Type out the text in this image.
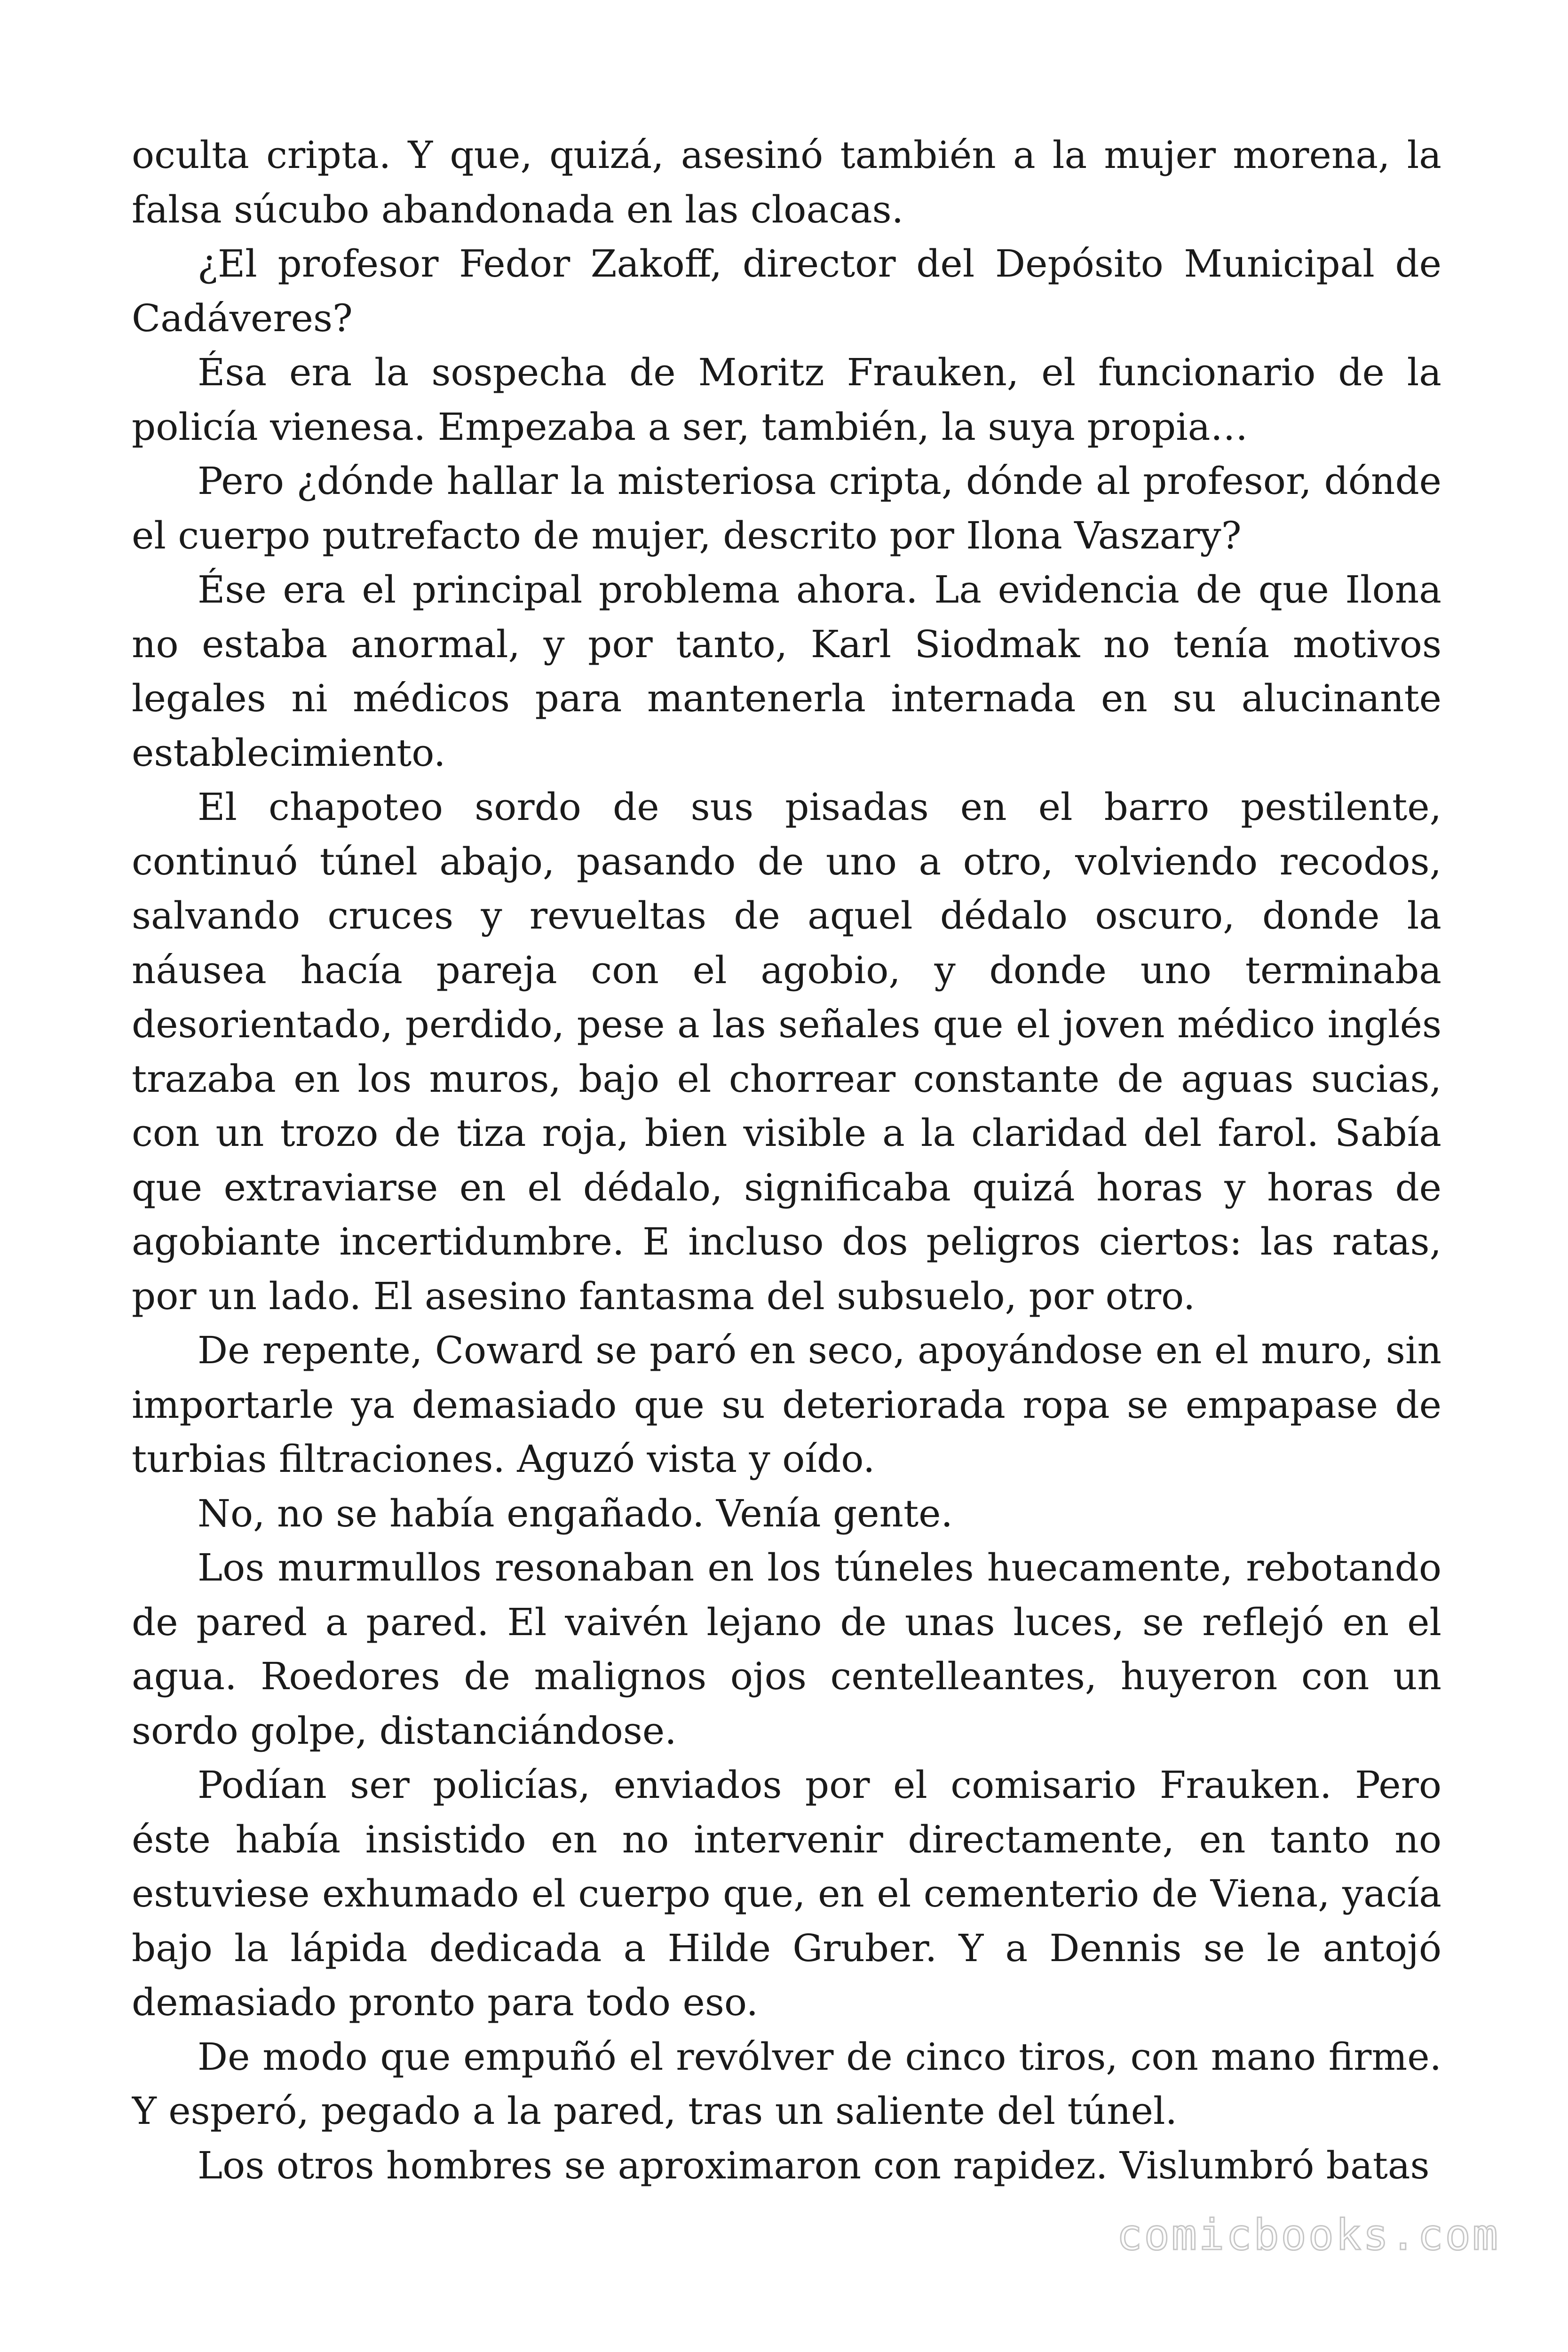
oculta cripta. Y que, quizá, asesinó también a la mujer morena, la falsa súcubo abandonada en las cloacas.

¿El profesor Fedor Zakoff, director del Depósito Municipal de Cadáveres?

Ésa era la sospecha de Moritz Frauken, el funcionario de la policía vienesa. Empezaba a ser, también, la suya propia…

Pero ¿dónde hallar la misteriosa cripta, dónde al profesor, dónde el cuerpo putrefacto de mujer, descrito por Ilona Vaszary?

Ése era el principal problema ahora. La evidencia de que Ilona no estaba anormal, y por tanto, Karl Siodmak no tenía motivos legales ni médicos para mantenerla internada en su alucinante establecimiento.

El chapoteo sordo de sus pisadas en el barro pestilente, continuó túnel abajo, pasando de uno a otro, volviendo recodos, salvando cruces y revueltas de aquel dédalo oscuro, donde la náusea hacía pareja con el agobio, y donde uno terminaba desorientado, perdido, pese a las señales que el joven médico inglés trazaba en los muros, bajo el chorrear constante de aguas sucias, con un trozo de tiza roja, bien visible a la claridad del farol. Sabía que extraviarse en el dédalo, significaba quizá horas y horas de agobiante incertidumbre. E incluso dos peligros ciertos: las ratas, por un lado. El asesino fantasma del subsuelo, por otro.

De repente, Coward se paró en seco, apoyándose en el muro, sin importarle ya demasiado que su deteriorada ropa se empapase de turbias filtraciones. Aguzó vista y oído.

No, no se había engañado. Venía gente.

Los murmullos resonaban en los túneles huecamente, rebotando de pared a pared. El vaivén lejano de unas luces, se reflejó en el agua. Roedores de malignos ojos centelleantes, huyeron con un sordo golpe, distanciándose.

Podían ser policías, enviados por el comisario Frauken. Pero éste había insistido en no intervenir directamente, en tanto no estuviese exhumado el cuerpo que, en el cementerio de Viena, yacía bajo la lápida dedicada a Hilde Gruber. Y a Dennis se le antojó demasiado pronto para todo eso.

De modo que empuñó el revólver de cinco tiros, con mano firme. Y esperó, pegado a la pared, tras un saliente del túnel.

Los otros hombres se aproximaron con rapidez. Vislumbró batas

comicbooks.com
